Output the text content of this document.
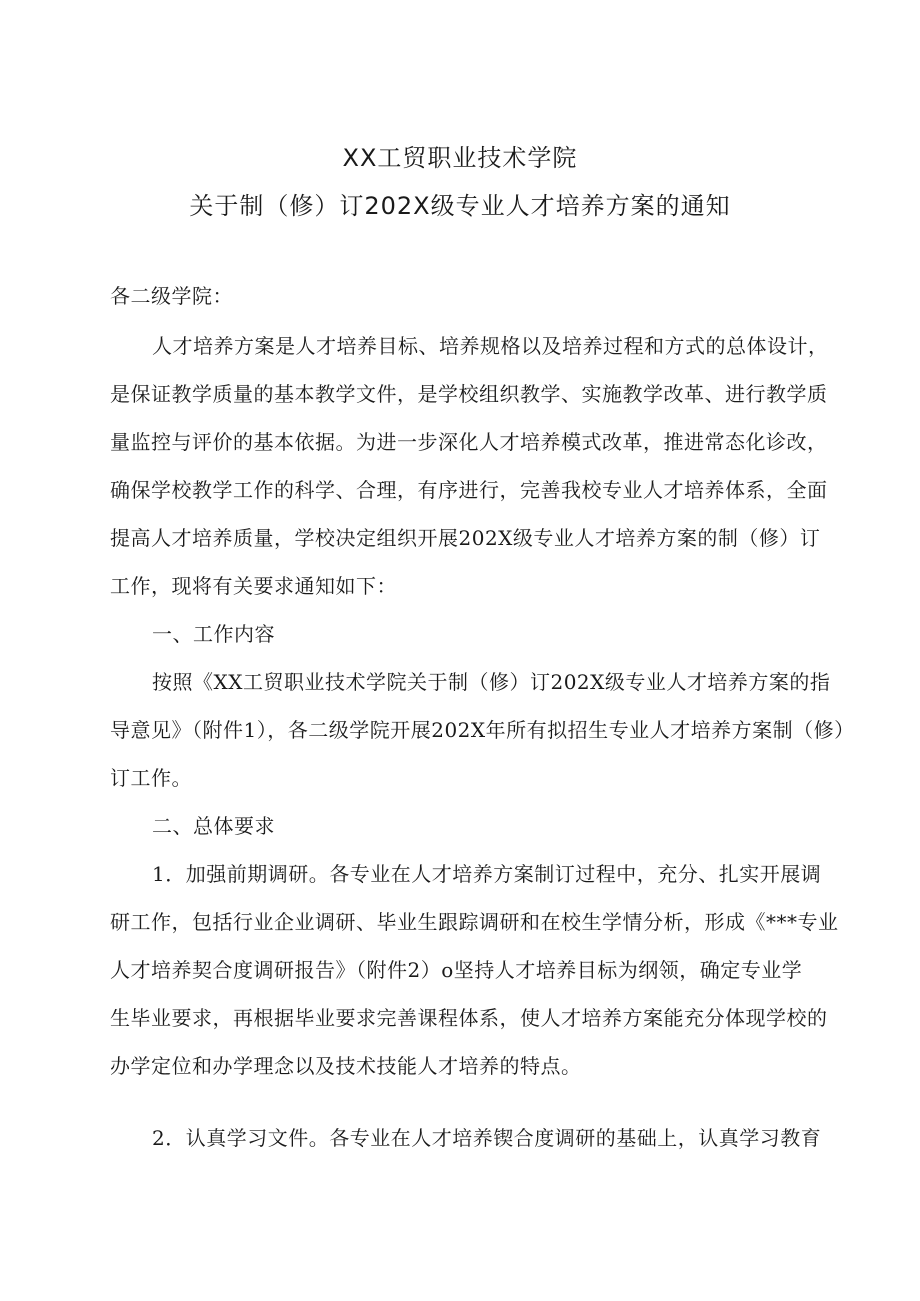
XX工贸职业技术学院
关于制（修）订202X级专业人才培养方案的通知
各二级学院：
人才培养方案是人才培养目标、培养规格以及培养过程和方式的总体设计，
是保证教学质量的基本教学文件，是学校组织教学、实施教学改革、进行教学质
量监控与评价的基本依据。为进一步深化人才培养模式改革，推进常态化诊改，
确保学校教学工作的科学、合理，有序进行，完善我校专业人才培养体系，全面
提高人才培养质量，学校决定组织开展202X级专业人才培养方案的制（修）订
工作，现将有关要求通知如下：
一、工作内容
按照《XX工贸职业技术学院关于制（修）订202X级专业人才培养方案的指
导意见》（附件1），各二级学院开展202X年所有拟招生专业人才培养方案制（修）
订工作。
二、总体要求
1．加强前期调研。各专业在人才培养方案制订过程中，充分、扎实开展调
研工作，包括行业企业调研、毕业生跟踪调研和在校生学情分析，形成《***专业
人才培养契合度调研报告》（附件2）o坚持人才培养目标为纲领，确定专业学
生毕业要求，再根据毕业要求完善课程体系，使人才培养方案能充分体现学校的
办学定位和办学理念以及技术技能人才培养的特点。
2．认真学习文件。各专业在人才培养锲合度调研的基础上，认真学习教育
